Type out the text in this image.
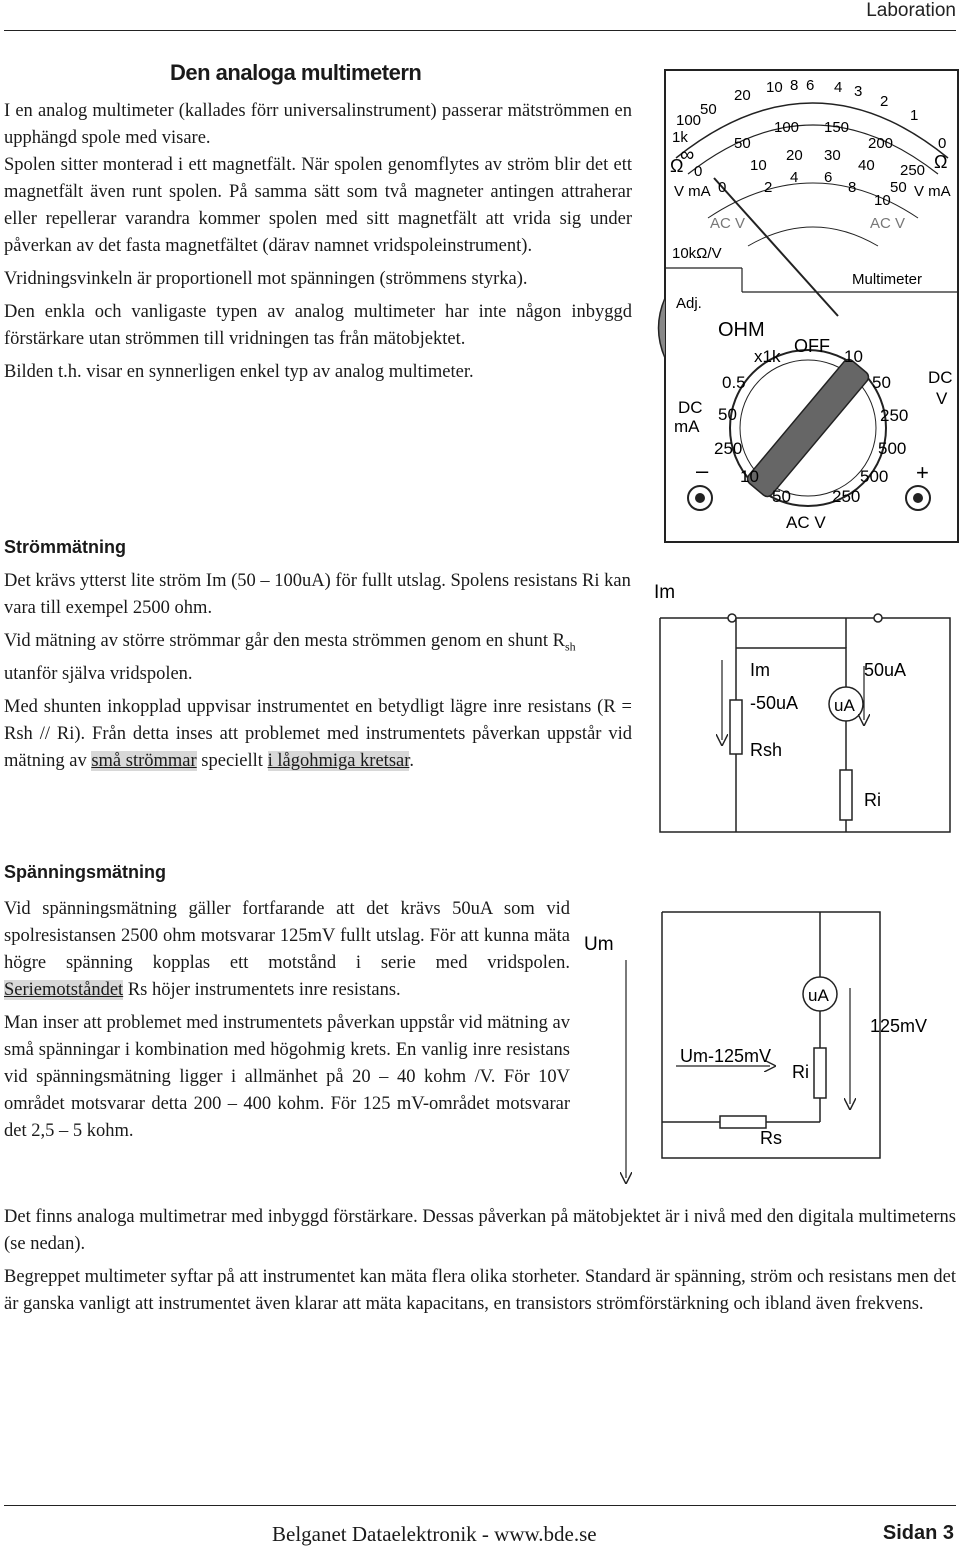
Laboration
Den analoga multimetern

I en analog multimeter (kallades förr universalinstrument) passerar mätströmmen en upphängd spole med visare.

Spolen sitter monterad i ett magnetfält. När spolen genomflytes av ström blir det ett magnetfält även runt spolen. På samma sätt som två magneter antingen attraherar eller repellerar varandra kommer spolen med sitt magnetfält att vrida sig under påverkan av det fasta magnetfältet (därav namnet vridspoleinstrument).

Vridningsvinkeln är proportionell mot spänningen (strömmens styrka).

Den enkla och vanligaste typen av analog multimeter har inte någon inbyggd förstärkare utan strömmen till vridningen tas från mätobjektet.

Bilden t.h. visar en synnerligen enkel typ av analog multimeter.

∞
1k
100
50
20 10 8 6 4 3
2
1
0
50
100 150
200
250
0	10
20 30
40
50
0	2
4 6
8
10
Ω	Ω
V mA	V mA
AC V	AC V
10kΩ/V
Multimeter
Adj.
OHM
x1k
OFF
10
50
250
500
DC
V
0.5
50
250
DC
mA
10
50 250
500
AC V
–	+
Strömmätning

Det krävs ytterst lite ström Im (50 – 100uA) för fullt utslag. Spolens resistans Ri kan vara till exempel 2500 ohm.

Vid mätning av större strömmar går den mesta strömmen genom en shunt $R_{sh}$ utanför själva vridspolen.

Med shunten inkopplad uppvisar instrumentet en betydligt lägre inre resistans (R = Rsh // Ri). Från detta inses att problemet med instrumentets påverkan uppstår vid mätning av små strömmar speciellt i lågohmiga kretsar.

Im
uA
Im
-50uA
Rsh
50uA
Ri
Spänningsmätning

Vid spänningsmätning gäller fortfarande att det krävs 50uA som vid spolresistansen 2500 ohm motsvarar 125mV fullt utslag. För att kunna mäta högre spänning kopplas ett motstånd i serie med vridspolen. Seriemotståndet Rs höjer instrumentets inre resistans.

Man inser att problemet med instrumentets påverkan uppstår vid mätning av små spänningar i kombination med högohmig krets. En vanlig inre resistans vid spänningsmätning ligger i allmänhet på 20 – 40 kohm /V. För 10V området motsvarar detta 200 – 400 kohm. För 125 mV-området motsvarar det 2,5 – 5 kohm.

Det finns analoga multimetrar med inbyggd förstärkare. Dessas påverkan på mätobjektet är i nivå med den digitala multimeterns (se nedan).

Begreppet multimeter syftar på att instrumentet kan mäta flera olika storheter. Standard är spänning, ström och resistans men det är ganska vanligt att instrumentet även klarar att mäta kapacitans, en transistors strömförstärkning och ibland även frekvens.

Um
uA
125mV
Um-125mV
Ri
Rs
Belganet Dataelektronik - www.bde.se	Sidan 3
